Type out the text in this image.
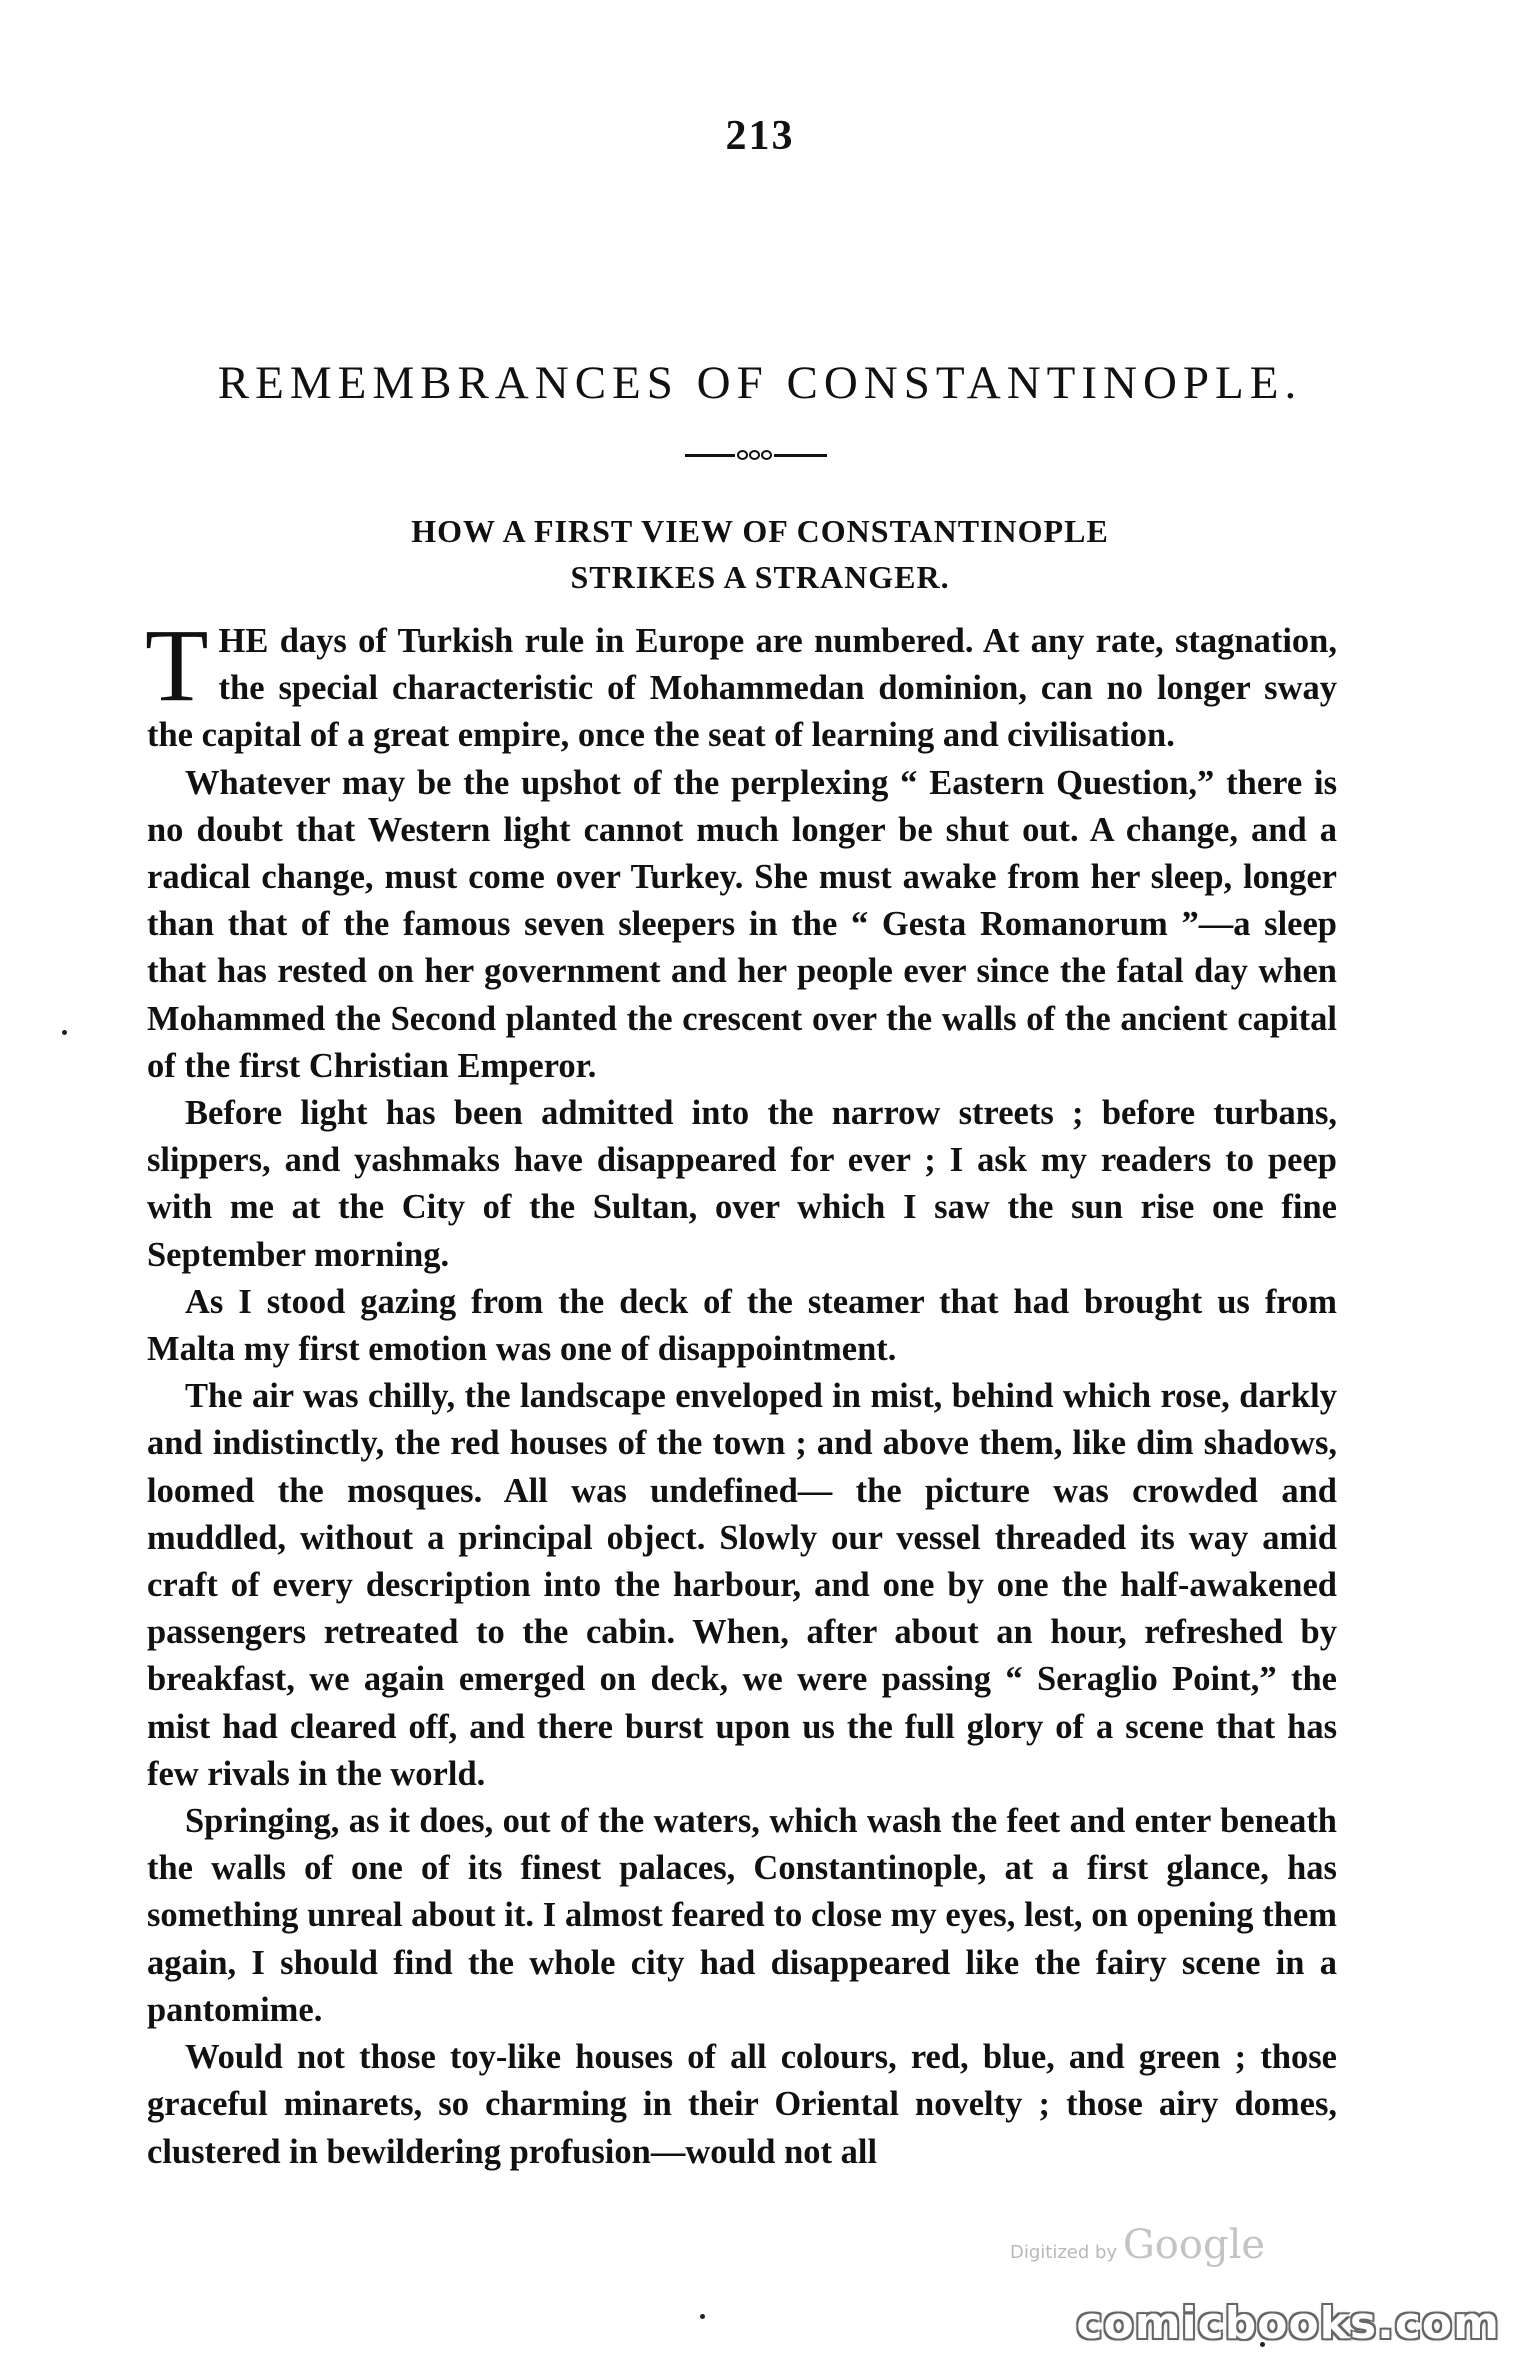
213
REMEMBRANCES OF CONSTANTINOPLE.
HOW A FIRST VIEW OF CONSTANTINOPLE
STRIKES A STRANGER.

THE days of Turkish rule in Europe are numbered. At any rate, stagnation, the special characteristic of Mohammedan dominion, can no longer sway the capital of a great empire, once the seat of learning and civilisation.

Whatever may be the upshot of the perplexing “ Eastern Question,” there is no doubt that Western light cannot much longer be shut out. A change, and a radical change, must come over Turkey. She must awake from her sleep, longer than that of the famous seven sleepers in the “ Gesta Romanorum ”—a sleep that has rested on her government and her people ever since the fatal day when Mohammed the Second planted the crescent over the walls of the ancient capital of the first Christian Emperor.

Before light has been admitted into the narrow streets ; before turbans, slippers, and yashmaks have disappeared for ever ; I ask my readers to peep with me at the City of the Sultan, over which I saw the sun rise one fine September morning.

As I stood gazing from the deck of the steamer that had brought us from Malta my first emotion was one of disappointment.

The air was chilly, the landscape enveloped in mist, behind which rose, darkly and indistinctly, the red houses of the town ; and above them, like dim shadows, loomed the mosques. All was undefined— the picture was crowded and muddled, without a principal object. Slowly our vessel threaded its way amid craft of every description into the harbour, and one by one the half-awakened passengers retreated to the cabin. When, after about an hour, refreshed by breakfast, we again emerged on deck, we were passing “ Seraglio Point,” the mist had cleared off, and there burst upon us the full glory of a scene that has few rivals in the world.

Springing, as it does, out of the waters, which wash the feet and enter beneath the walls of one of its finest palaces, Constantinople, at a first glance, has something unreal about it. I almost feared to close my eyes, lest, on opening them again, I should find the whole city had disappeared like the fairy scene in a pantomime.

Would not those toy-like houses of all colours, red, blue, and green ; those graceful minarets, so charming in their Oriental novelty ; those airy domes, clustered in bewildering profusion—would not all

Digitized by Google
comicbooks.com
